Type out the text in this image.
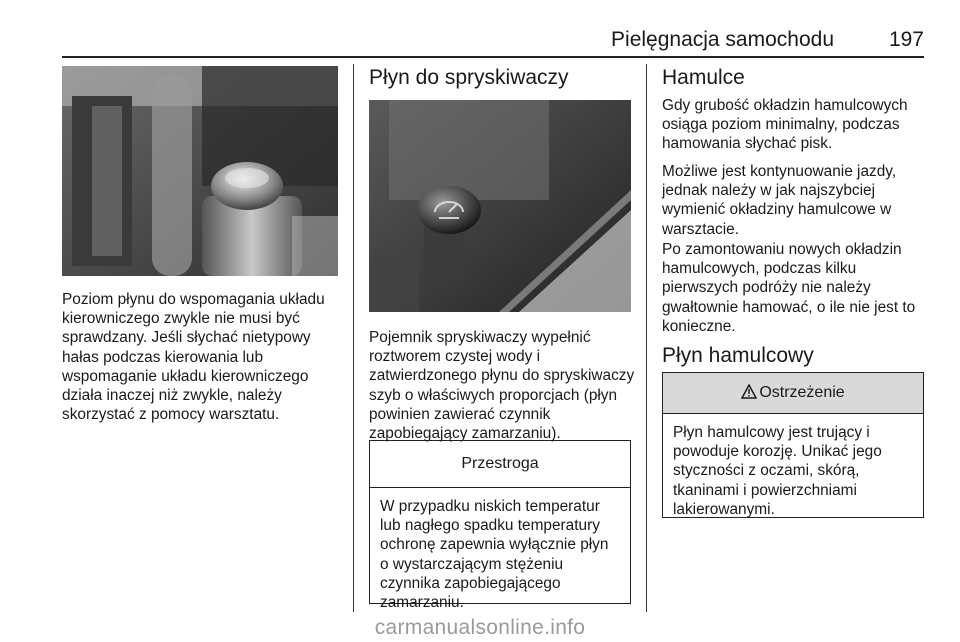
Pielęgnacja samochodu	197
Poziom płynu do wspomagania układu kierowniczego zwykle nie musi być sprawdzany. Jeśli słychać nietypowy hałas podczas kierowania lub wspomaganie układu kierowniczego działa inaczej niż zwykle, należy skorzystać z pomocy warsztatu.
Płyn do spryskiwaczy
Pojemnik spryskiwaczy wypełnić roztworem czystej wody i zatwierdzonego płynu do spryskiwaczy szyb o właściwych proporcjach (płyn powinien zawierać czynnik zapobiegający zamarzaniu).
Przestroga
W przypadku niskich temperatur lub nagłego spadku temperatury ochronę zapewnia wyłącznie płyn o wystarczającym stężeniu czynnika zapobiegającego zamarzaniu.
Hamulce
Gdy grubość okładzin hamulcowych osiąga poziom minimalny, podczas hamowania słychać pisk.
Możliwe jest kontynuowanie jazdy, jednak należy w jak najszybciej wymienić okładziny hamulcowe w warsztacie.
Po zamontowaniu nowych okładzin hamulcowych, podczas kilku pierwszych podróży nie należy gwałtownie hamować, o ile nie jest to konieczne.
Płyn hamulcowy
Ostrzeżenie
Płyn hamulcowy jest trujący i powoduje korozję. Unikać jego styczności z oczami, skórą, tkaninami i powierzchniami lakierowanymi.
carmanualsonline.info
